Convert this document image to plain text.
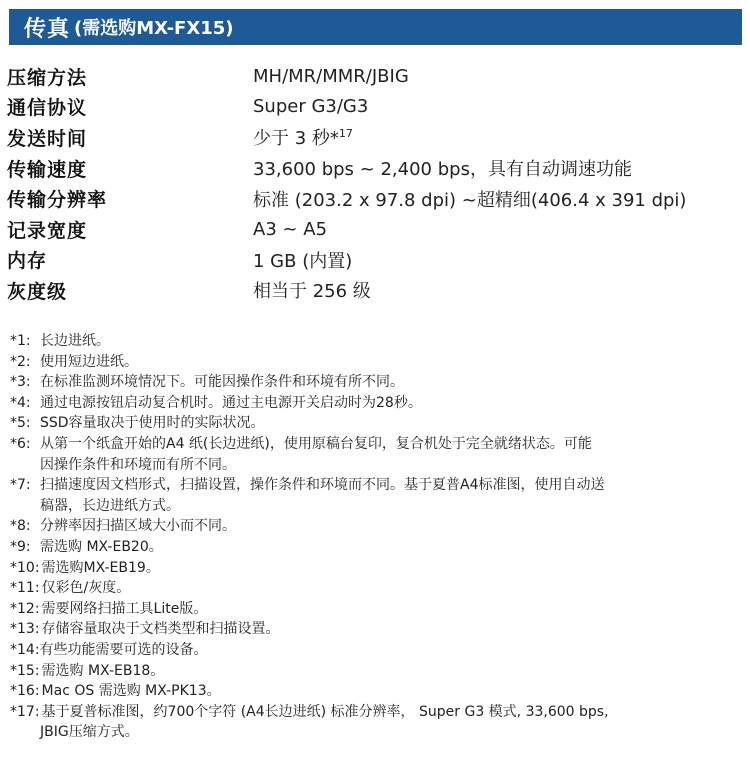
传真 (需选购MX-FX15)
压缩方法	MH/MR/MMR/JBIG
通信协议	Super G3/G3
发送时间	少于 3 秒*$^{17}$
传输速度	33,600 bps ~ 2,400 bps，具有自动调速功能
传输分辨率	标准 (203.2 x 97.8 dpi) ~超精细(406.4 x 391 dpi)
记录宽度	A3 ~ A5
内存	1 GB (内置)
灰度级	相当于 256 级
*1: 长边进纸。
*2: 使用短边进纸。
*3: 在标准监测环境情况下。可能因操作条件和环境有所不同。
*4: 通过电源按钮启动复合机时。通过主电源开关启动时为28秒。
*5: SSD容量取决于使用时的实际状况。
*6: 从第一个纸盒开始的A4 纸(长边进纸)，使用原稿台复印，复合机处于完全就绪状态。可能
因操作条件和环境而有所不同。
*7: 扫描速度因文档形式，扫描设置，操作条件和环境而不同。基于夏普A4标准图，使用自动送
稿器，长边进纸方式。
*8: 分辨率因扫描区域大小而不同。
*9: 需选购 MX-EB20。
*10: 需选购MX-EB19。
*11: 仅彩色/灰度。
*12: 需要网络扫描工具Lite版。
*13: 存储容量取决于文档类型和扫描设置。
*14: 有些功能需要可选的设备。
*15: 需选购 MX-EB18。
*16: Mac OS 需选购 MX-PK13。
*17: 基于夏普标准图，约700个字符 (A4长边进纸) 标准分辨率， Super G3 模式, 33,600 bps,
JBIG压缩方式。
